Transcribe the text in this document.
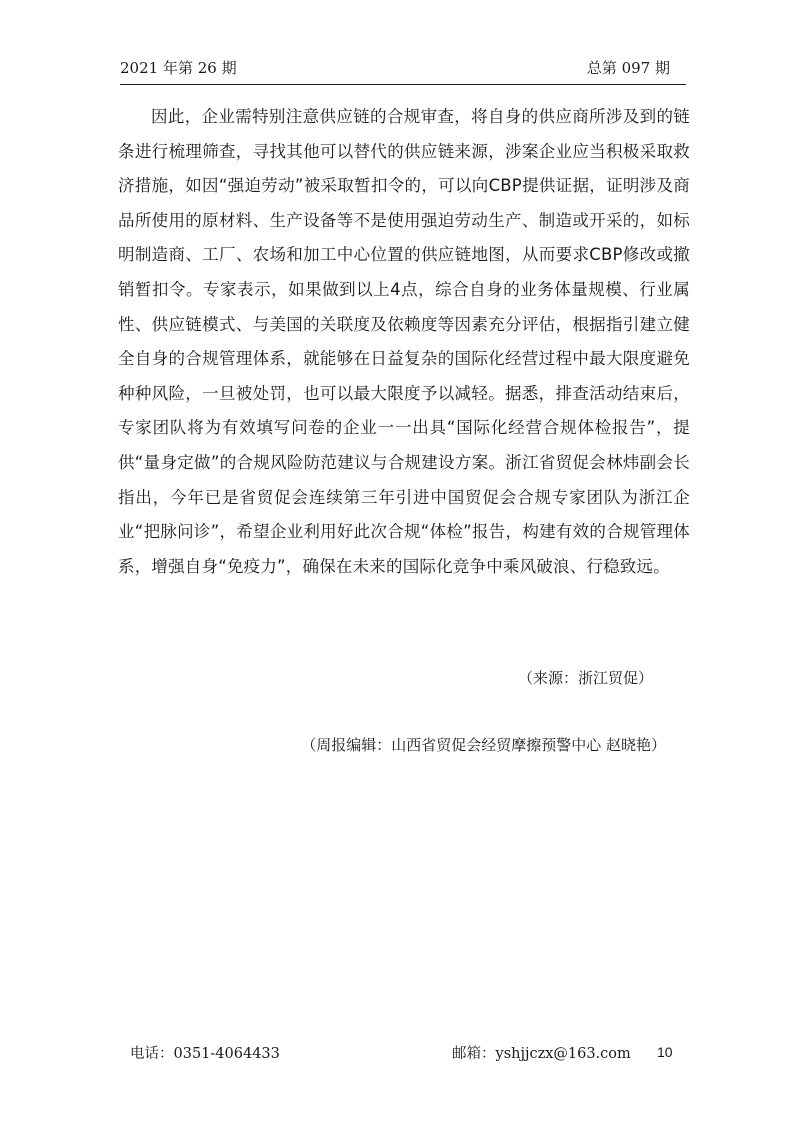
2021 年第 26 期	总第 097 期

因此，企业需特别注意供应链的合规审查，将自身的供应商所涉及到的链条进行梳理筛查，寻找其他可以替代的供应链来源，涉案企业应当积极采取救济措施，如因“强迫劳动”被采取暂扣令的，可以向CBP提供证据，证明涉及商品所使用的原材料、生产设备等不是使用强迫劳动生产、制造或开采的，如标明制造商、工厂、农场和加工中心位置的供应链地图，从而要求CBP修改或撤销暂扣令。专家表示，如果做到以上4点，综合自身的业务体量规模、行业属性、供应链模式、与美国的关联度及依赖度等因素充分评估，根据指引建立健全自身的合规管理体系，就能够在日益复杂的国际化经营过程中最大限度避免种种风险，一旦被处罚，也可以最大限度予以减轻。据悉，排查活动结束后，专家团队将为有效填写问卷的企业一一出具“国际化经营合规体检报告”，提供“量身定做”的合规风险防范建议与合规建设方案。浙江省贸促会林炜副会长指出，今年已是省贸促会连续第三年引进中国贸促会合规专家团队为浙江企业“把脉问诊”，希望企业利用好此次合规“体检”报告，构建有效的合规管理体系，增强自身“免疫力”，确保在未来的国际化竞争中乘风破浪、行稳致远。

（来源：浙江贸促）
（周报编辑：山西省贸促会经贸摩擦预警中心 赵晓艳）
电话：0351-4064433	邮箱：yshjjczx@163.com 10
